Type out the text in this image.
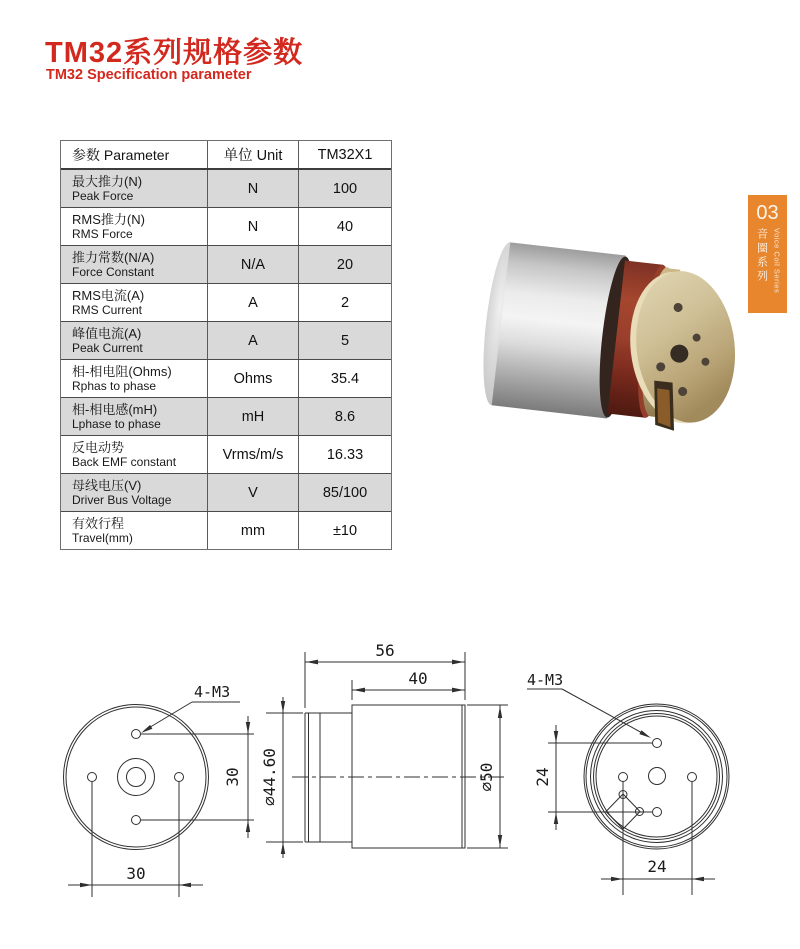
TM32系列规格参数
TM32 Specification parameter
参数 Parameter	单位 Unit	TM32X1
最大推力(N)
Peak Force	N	100
RMS推力(N)
RMS Force	N	40
推力常数(N/A)
Force Constant	N/A	20
RMS电流(A)
RMS Current	A	2
峰值电流(A)
Peak Current	A	5
相-相电阻(Ohms)
Rphas to phase	Ohms	35.4
相-相电感(mH)
Lphase to phase	mH	8.6
反电动势
Back EMF constant	Vrms/m/s	16.33
母线电压(V)
Driver Bus Voltage	V	85/100
有效行程
Travel(mm)	mm	±10
03
音圈系列 Voice Coil Series
4-M3
30
30
56
40
∅44.60	∅50
4-M3
24
24
